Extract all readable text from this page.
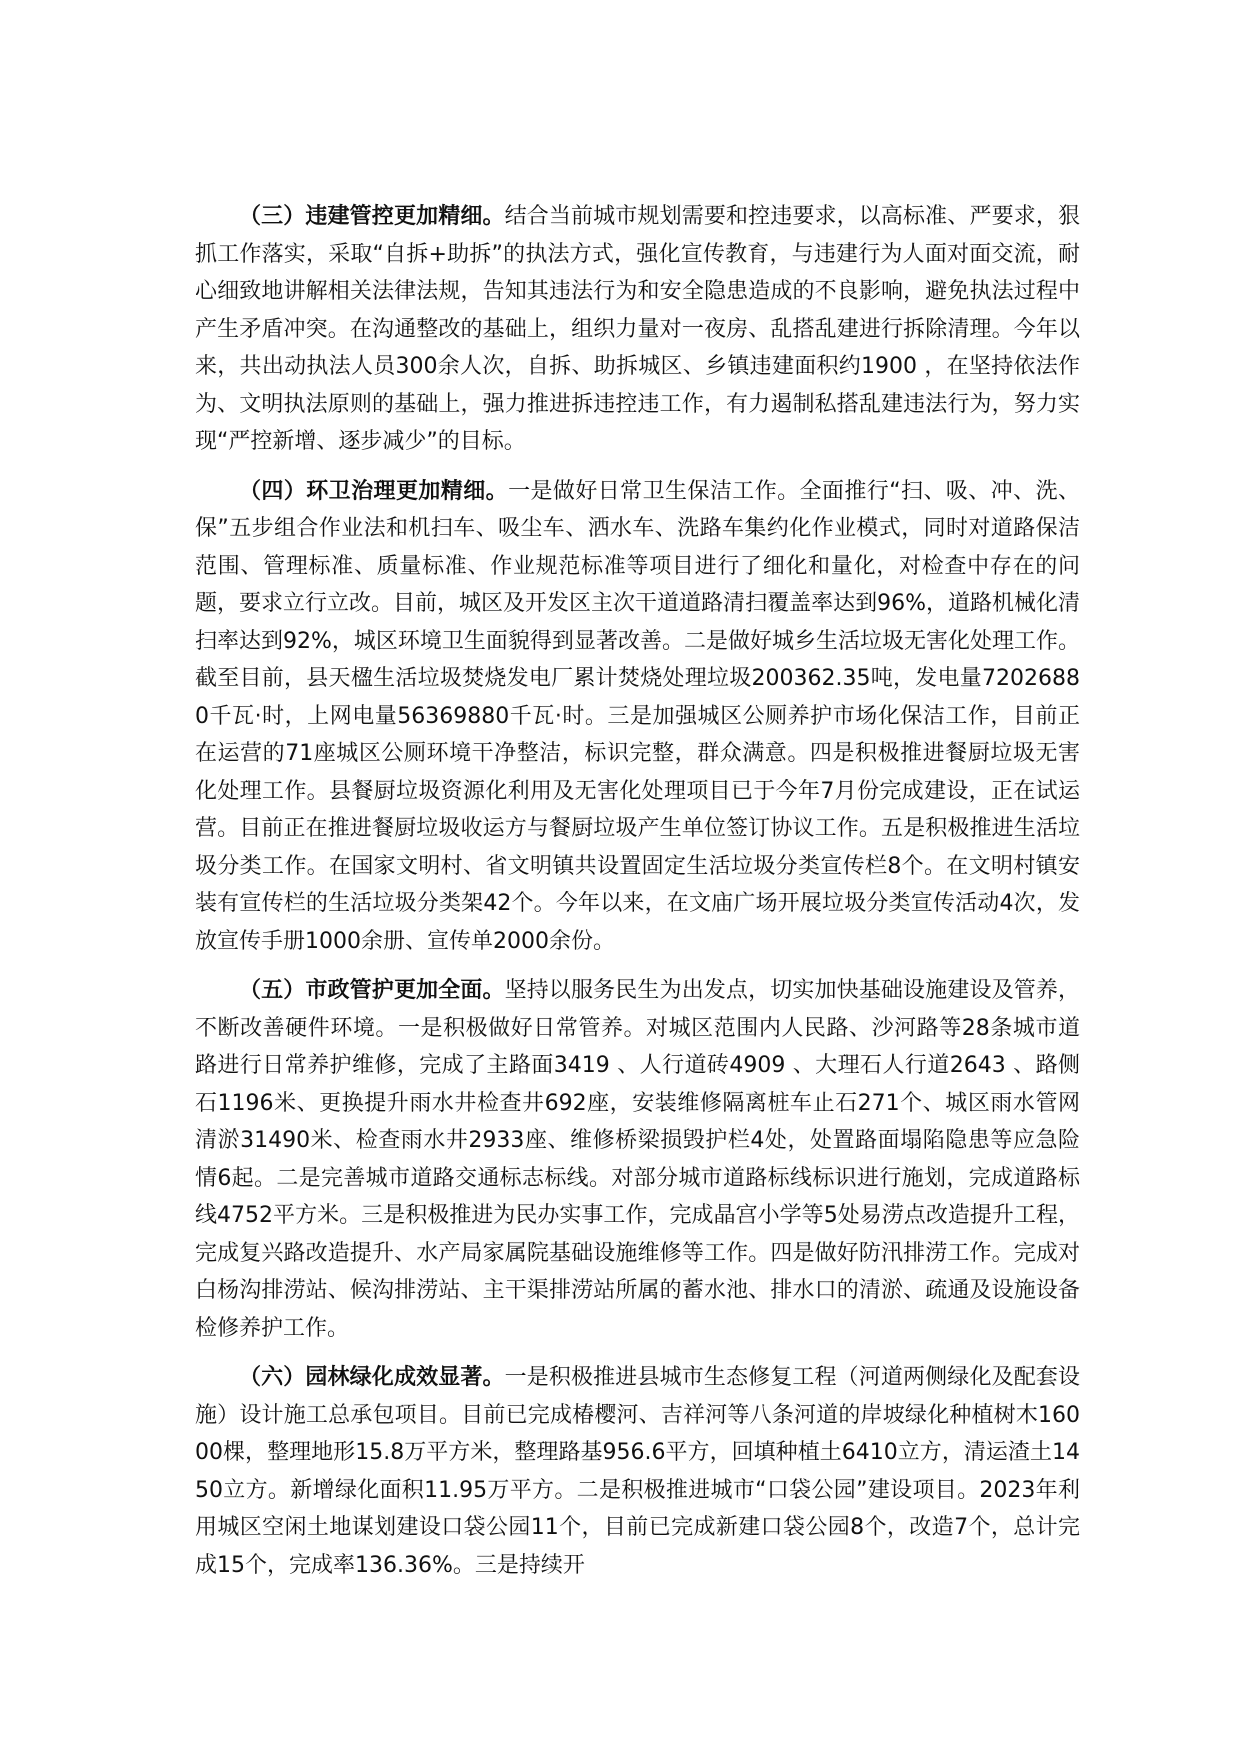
（三）违建管控更加精细。结合当前城市规划需要和控违要求，以高标准、严要求，狠抓工作落实，采取“自拆+助拆”的执法方式，强化宣传教育，与违建行为人面对面交流，耐心细致地讲解相关法律法规，告知其违法行为和安全隐患造成的不良影响，避免执法过程中产生矛盾冲突。在沟通整改的基础上，组织力量对一夜房、乱搭乱建进行拆除清理。今年以来，共出动执法人员300余人次，自拆、助拆城区、乡镇违建面积约1900 ，在坚持依法作为、文明执法原则的基础上，强力推进拆违控违工作，有力遏制私搭乱建违法行为，努力实现“严控新增、逐步减少”的目标。

（四）环卫治理更加精细。一是做好日常卫生保洁工作。全面推行“扫、吸、冲、洗、保”五步组合作业法和机扫车、吸尘车、洒水车、洗路车集约化作业模式，同时对道路保洁范围、管理标准、质量标准、作业规范标准等项目进行了细化和量化，对检查中存在的问题，要求立行立改。目前，城区及开发区主次干道道路清扫覆盖率达到96%，道路机械化清扫率达到92%，城区环境卫生面貌得到显著改善。二是做好城乡生活垃圾无害化处理工作。截至目前，县天楹生活垃圾焚烧发电厂累计焚烧处理垃圾200362.35吨，发电量72026880千瓦·时，上网电量56369880千瓦·时。三是加强城区公厕养护市场化保洁工作，目前正在运营的71座城区公厕环境干净整洁，标识完整，群众满意。四是积极推进餐厨垃圾无害化处理工作。县餐厨垃圾资源化利用及无害化处理项目已于今年7月份完成建设，正在试运营。目前正在推进餐厨垃圾收运方与餐厨垃圾产生单位签订协议工作。五是积极推进生活垃圾分类工作。在国家文明村、省文明镇共设置固定生活垃圾分类宣传栏8个。在文明村镇安装有宣传栏的生活垃圾分类架42个。今年以来，在文庙广场开展垃圾分类宣传活动4次，发放宣传手册1000余册、宣传单2000余份。

（五）市政管护更加全面。坚持以服务民生为出发点，切实加快基础设施建设及管养，不断改善硬件环境。一是积极做好日常管养。对城区范围内人民路、沙河路等28条城市道路进行日常养护维修，完成了主路面3419 、人行道砖4909 、大理石人行道2643 、路侧石1196米、更换提升雨水井检查井692座，安装维修隔离桩车止石271个、城区雨水管网清淤31490米、检查雨水井2933座、维修桥梁损毁护栏4处，处置路面塌陷隐患等应急险情6起。二是完善城市道路交通标志标线。对部分城市道路标线标识进行施划，完成道路标线4752平方米。三是积极推进为民办实事工作，完成晶宫小学等5处易涝点改造提升工程，完成复兴路改造提升、水产局家属院基础设施维修等工作。四是做好防汛排涝工作。完成对白杨沟排涝站、候沟排涝站、主干渠排涝站所属的蓄水池、排水口的清淤、疏通及设施设备检修养护工作。

（六）园林绿化成效显著。一是积极推进县城市生态修复工程（河道两侧绿化及配套设施）设计施工总承包项目。目前已完成椿樱河、吉祥河等八条河道的岸坡绿化种植树木16000棵，整理地形15.8万平方米，整理路基956.6平方，回填种植土6410立方，清运渣土1450立方。新增绿化面积11.95万平方。二是积极推进城市“口袋公园”建设项目。2023年利用城区空闲土地谋划建设口袋公园11个，目前已完成新建口袋公园8个，改造7个，总计完成15个，完成率136.36%。三是持续开
